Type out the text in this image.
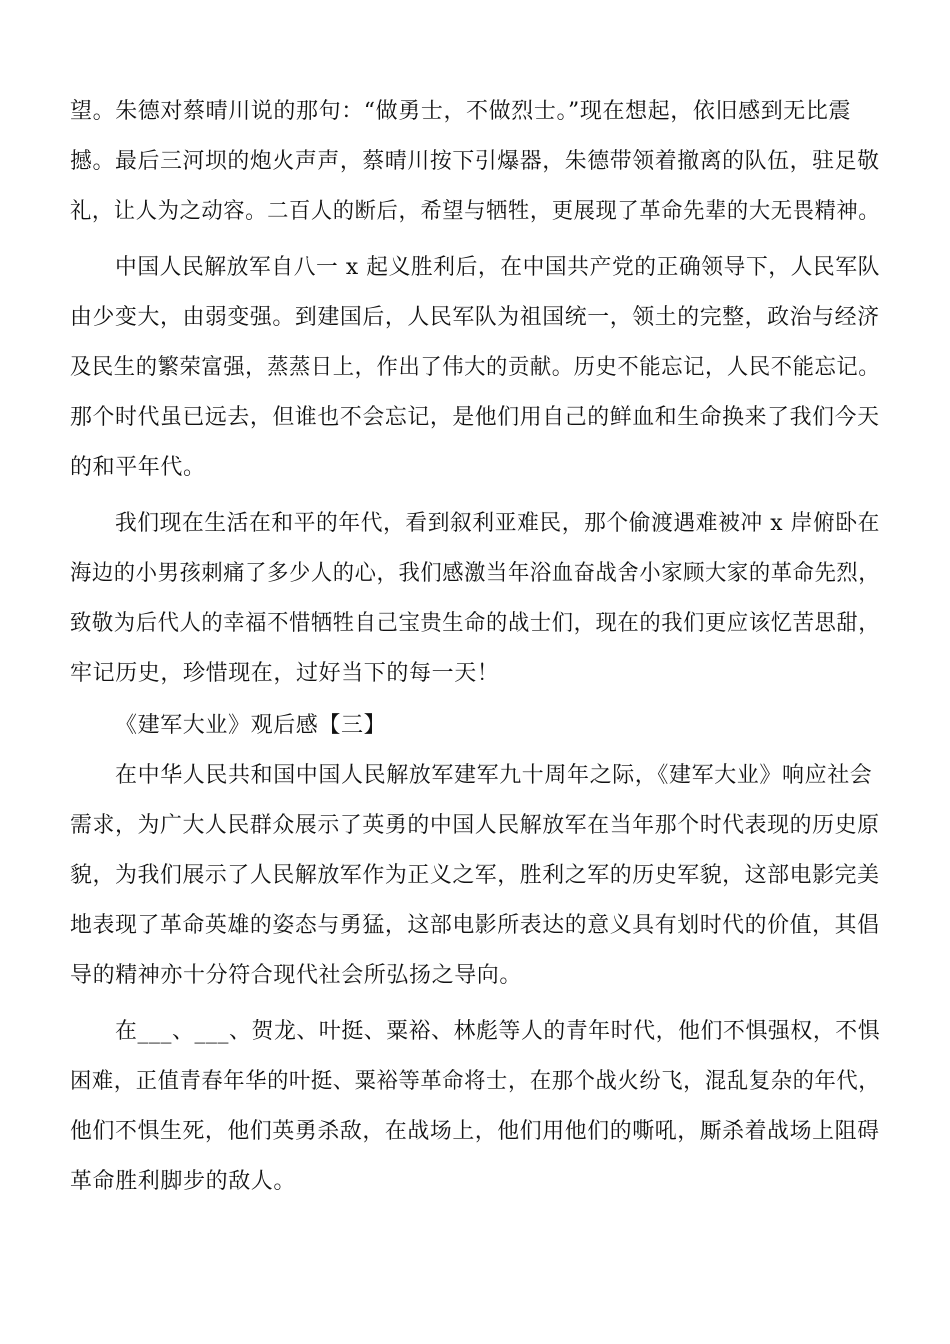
望。朱德对蔡晴川说的那句：“做勇士，不做烈士。”现在想起，依旧感到无比震
撼。最后三河坝的炮火声声，蔡晴川按下引爆器，朱德带领着撤离的队伍，驻足敬
礼，让人为之动容。二百人的断后，希望与牺牲，更展现了革命先辈的大无畏精神。
中国人民解放军自八一 x 起义胜利后，在中国共产党的正确领导下，人民军队
由少变大，由弱变强。到建国后，人民军队为祖国统一，领土的完整，政治与经济
及民生的繁荣富强，蒸蒸日上，作出了伟大的贡献。历史不能忘记，人民不能忘记。
那个时代虽已远去，但谁也不会忘记，是他们用自己的鲜血和生命换来了我们今天
的和平年代。
我们现在生活在和平的年代，看到叙利亚难民，那个偷渡遇难被冲 x 岸俯卧在
海边的小男孩刺痛了多少人的心，我们感激当年浴血奋战舍小家顾大家的革命先烈，
致敬为后代人的幸福不惜牺牲自己宝贵生命的战士们，现在的我们更应该忆苦思甜，
牢记历史，珍惜现在，过好当下的每一天！
《建军大业》观后感【三】
在中华人民共和国中国人民解放军建军九十周年之际，《建军大业》响应社会
需求，为广大人民群众展示了英勇的中国人民解放军在当年那个时代表现的历史原
貌，为我们展示了人民解放军作为正义之军，胜利之军的历史军貌，这部电影完美
地表现了革命英雄的姿态与勇猛，这部电影所表达的意义具有划时代的价值，其倡
导的精神亦十分符合现代社会所弘扬之导向。
在___、___、贺龙、叶挺、粟裕、林彪等人的青年时代，他们不惧强权，不惧
困难，正值青春年华的叶挺、粟裕等革命将士，在那个战火纷飞，混乱复杂的年代，
他们不惧生死，他们英勇杀敌，在战场上，他们用他们的嘶吼，厮杀着战场上阻碍
革命胜利脚步的敌人。
